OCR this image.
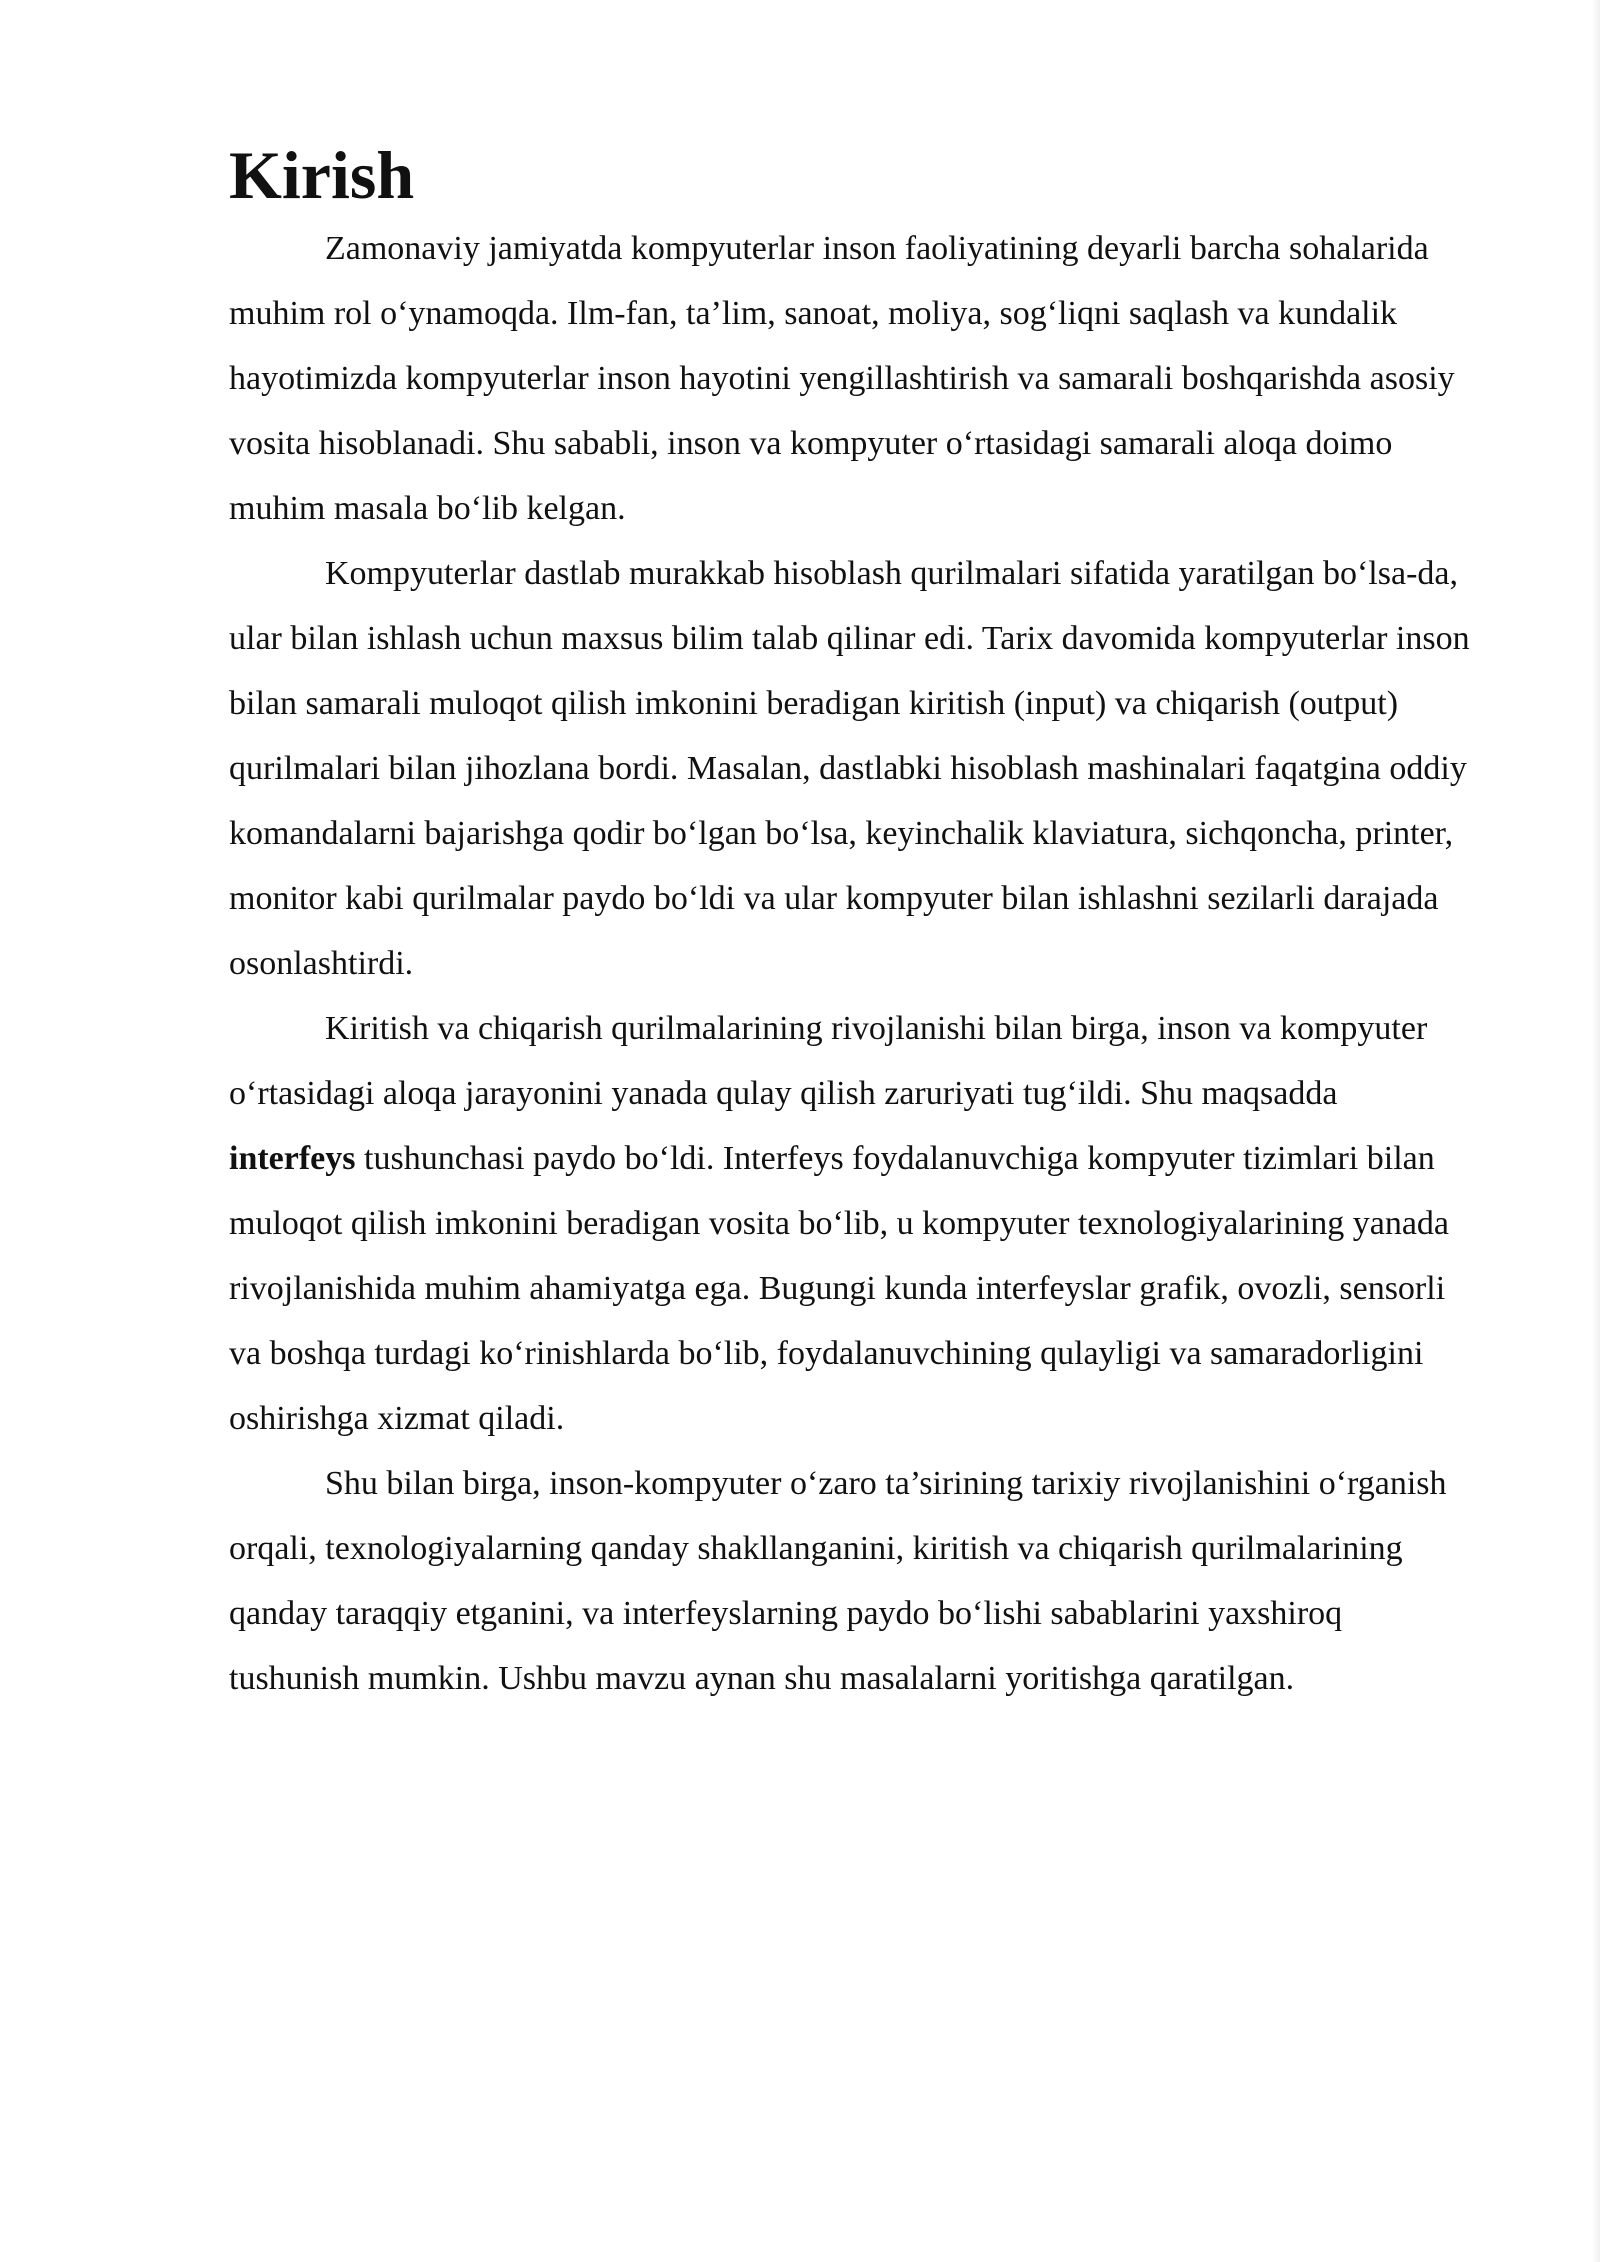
Kirish

Zamonaviy jamiyatda kompyuterlar inson faoliyatining deyarli barcha sohalarida muhim rol o‘ynamoqda. Ilm-fan, ta’lim, sanoat, moliya, sog‘liqni saqlash va kundalik hayotimizda kompyuterlar inson hayotini yengillashtirish va samarali boshqarishda asosiy vosita hisoblanadi. Shu sababli, inson va kompyuter o‘rtasidagi samarali aloqa doimo muhim masala bo‘lib kelgan.

Kompyuterlar dastlab murakkab hisoblash qurilmalari sifatida yaratilgan bo‘lsa-da, ular bilan ishlash uchun maxsus bilim talab qilinar edi. Tarix davomida kompyuterlar inson bilan samarali muloqot qilish imkonini beradigan kiritish (input) va chiqarish (output) qurilmalari bilan jihozlana bordi. Masalan, dastlabki hisoblash mashinalari faqatgina oddiy komandalarni bajarishga qodir bo‘lgan bo‘lsa, keyinchalik klaviatura, sichqoncha, printer, monitor kabi qurilmalar paydo bo‘ldi va ular kompyuter bilan ishlashni sezilarli darajada osonlashtirdi.

Kiritish va chiqarish qurilmalarining rivojlanishi bilan birga, inson va kompyuter o‘rtasidagi aloqa jarayonini yanada qulay qilish zaruriyati tug‘ildi. Shu maqsadda interfeys tushunchasi paydo bo‘ldi. Interfeys foydalanuvchiga kompyuter tizimlari bilan muloqot qilish imkonini beradigan vosita bo‘lib, u kompyuter texnologiyalarining yanada rivojlanishida muhim ahamiyatga ega. Bugungi kunda interfeyslar grafik, ovozli, sensorli va boshqa turdagi ko‘rinishlarda bo‘lib, foydalanuvchining qulayligi va samaradorligini oshirishga xizmat qiladi.

Shu bilan birga, inson-kompyuter o‘zaro ta’sirining tarixiy rivojlanishini o‘rganish orqali, texnologiyalarning qanday shakllanganini, kiritish va chiqarish qurilmalarining qanday taraqqiy etganini, va interfeyslarning paydo bo‘lishi sabablarini yaxshiroq tushunish mumkin. Ushbu mavzu aynan shu masalalarni yoritishga qaratilgan.
